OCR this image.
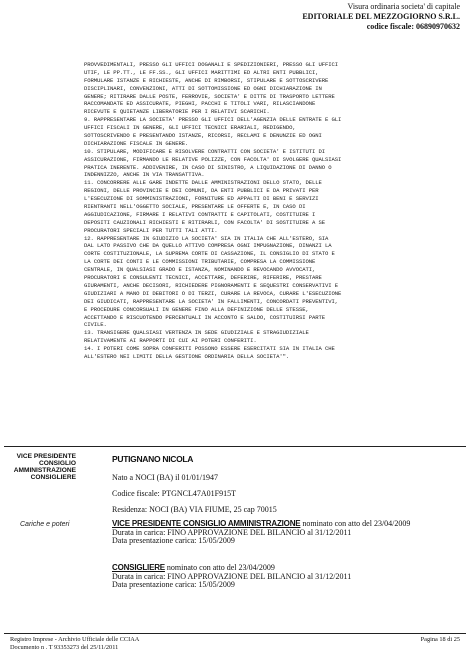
Visura ordinaria societa' di capitale
EDITORIALE DEL MEZZOGIORNO S.R.L.
codice fiscale: 06890970632
PROVVEDIMENTALI, PRESSO GLI UFFICI DOGANALI E SPEDIZIONIERI, PRESSO GLI UFFICI
UTIF, LE PP.TT., LE FF.SS., GLI UFFICI MARITTIMI ED ALTRI ENTI PUBBLICI,
FORMULARE ISTANZE E RICHIESTE, ANCHE DI RIMBORSI, STIPULARE E SOTTOSCRIVERE
DISCIPLINARI, CONVENZIONI, ATTI DI SOTTOMISSIONE ED OGNI DICHIARAZIONE IN
GENERE; RITIRARE DALLE POSTE, FERROVIE, SOCIETA' E DITTE DI TRASPORTO LETTERE
RACCOMANDATE ED ASSICURATE, PIEGHI, PACCHI E TITOLI VARI, RILASCIANDONE
RICEVUTE E QUIETANZE LIBERATORIE PER I RELATIVI SCARICHI.
9. RAPPRESENTARE LA SOCIETA' PRESSO GLI UFFICI DELL'AGENZIA DELLE ENTRATE E GLI
UFFICI FISCALI IN GENERE, GLI UFFICI TECNICI ERARIALI, REDIGENDO,
SOTTOSCRIVENDO E PRESENTANDO ISTANZE, RICORSI, RECLAMI E DENUNZIE ED OGNI
DICHIARAZIONE FISCALE IN GENERE.
10. STIPULARE, MODIFICARE E RISOLVERE CONTRATTI CON SOCIETA' E ISTITUTI DI
ASSICURAZIONE, FIRMANDO LE RELATIVE POLIZZE, CON FACOLTA' DI SVOLGERE QUALSIASI
PRATICA INERENTE. ADDIVENIRE, IN CASO DI SINISTRO, A LIQUIDAZIONE DI DANNO O
INDENNIZZO, ANCHE IN VIA TRANSATTIVA.
11. CONCORRERE ALLE GARE INDETTE DALLE AMMINISTRAZIONI DELLO STATO, DELLE
REGIONI, DELLE PROVINCIE E DEI COMUNI, DA ENTI PUBBLICI E DA PRIVATI PER
L'ESECUZIONE DI SOMMINISTRAZIONI, FORNITURE ED APPALTI DI BENI E SERVIZI
RIENTRANTI NELL'OGGETTO SOCIALE, PRESENTARE LE OFFERTE E, IN CASO DI
AGGIUDICAZIONE, FIRMARE I RELATIVI CONTRATTI E CAPITOLATI, COSTITUIRE I
DEPOSITI CAUZIONALI RICHIESTI E RITIRARLI, CON FACOLTA' DI SOSTITUIRE A SE
PROCURATORI SPECIALI PER TUTTI TALI ATTI.
12. RAPPRESENTARE IN GIUDIZIO LA SOCIETA' SIA IN ITALIA CHE ALL'ESTERO, SIA
DAL LATO PASSIVO CHE DA QUELLO ATTIVO COMPRESA OGNI IMPUGNAZIONE, DINANZI LA
CORTE COSTITUZIONALE, LA SUPREMA CORTE DI CASSAZIONE, IL CONSIGLIO DI STATO E
LA CORTE DEI CONTI E LE COMMISSIONI TRIBUTARIE, COMPRESA LA COMMISSIONE
CENTRALE, IN QUALSIASI GRADO E ISTANZA, NOMINANDO E REVOCANDO AVVOCATI,
PROCURATORI E CONSULENTI TECNICI, ACCETTARE, DEFERIRE, RIFERIRE, PRESTARE
GIURAMENTI, ANCHE DECISORI, RICHIEDERE PIGNORAMENTI E SEQUESTRI CONSERVATIVI E
GIUDIZIARI A MANO DI DEBITORI O DI TERZI, CURARE LA REVOCA, CURARE L'ESECUZIONE
DEI GIUDICATI, RAPPRESENTARE LA SOCIETA' IN FALLIMENTI, CONCORDATI PREVENTIVI,
E PROCEDURE CONCORSUALI IN GENERE FINO ALLA DEFINIZIONE DELLE STESSE,
ACCETTANDO E RISCUOTENDO PERCENTUALI IN ACCONTO E SALDO, COSTITUIRSI PARTE
CIVILE.
13. TRANSIGERE QUALSIASI VERTENZA IN SEDE GIUDIZIALE E STRAGIUDIZIALE
RELATIVAMENTE AI RAPPORTI DI CUI AI POTERI CONFERITI.
14. I POTERI COME SOPRA CONFERITI POSSONO ESSERE ESERCITATI SIA IN ITALIA CHE
ALL'ESTERO NEI LIMITI DELLA GESTIONE ORDINARIA DELLA SOCIETA'".
VICE PRESIDENTE
CONSIGLIO
AMMINISTRAZIONE
CONSIGLIERE
PUTIGNANO NICOLA
Nato a NOCI (BA) il 01/01/1947
Codice fiscale: PTGNCL47A01F915T
Residenza: NOCI (BA) VIA FIUME, 25 cap 70015
Cariche e poteri	VICE PRESIDENTE CONSIGLIO AMMINISTRAZIONE nominato con atto del 23/04/2009
Durata in carica: FINO APPROVAZIONE DEL BILANCIO al 31/12/2011
Data presentazione carica: 15/05/2009
CONSIGLIERE nominato con atto del 23/04/2009
Durata in carica: FINO APPROVAZIONE DEL BILANCIO al 31/12/2011
Data presentazione carica: 15/05/2009
Registro Imprese - Archivio Ufficiale delle CCIAA
Documento n . T 93353273 del 25/11/2011
Pagina 18 di 25
